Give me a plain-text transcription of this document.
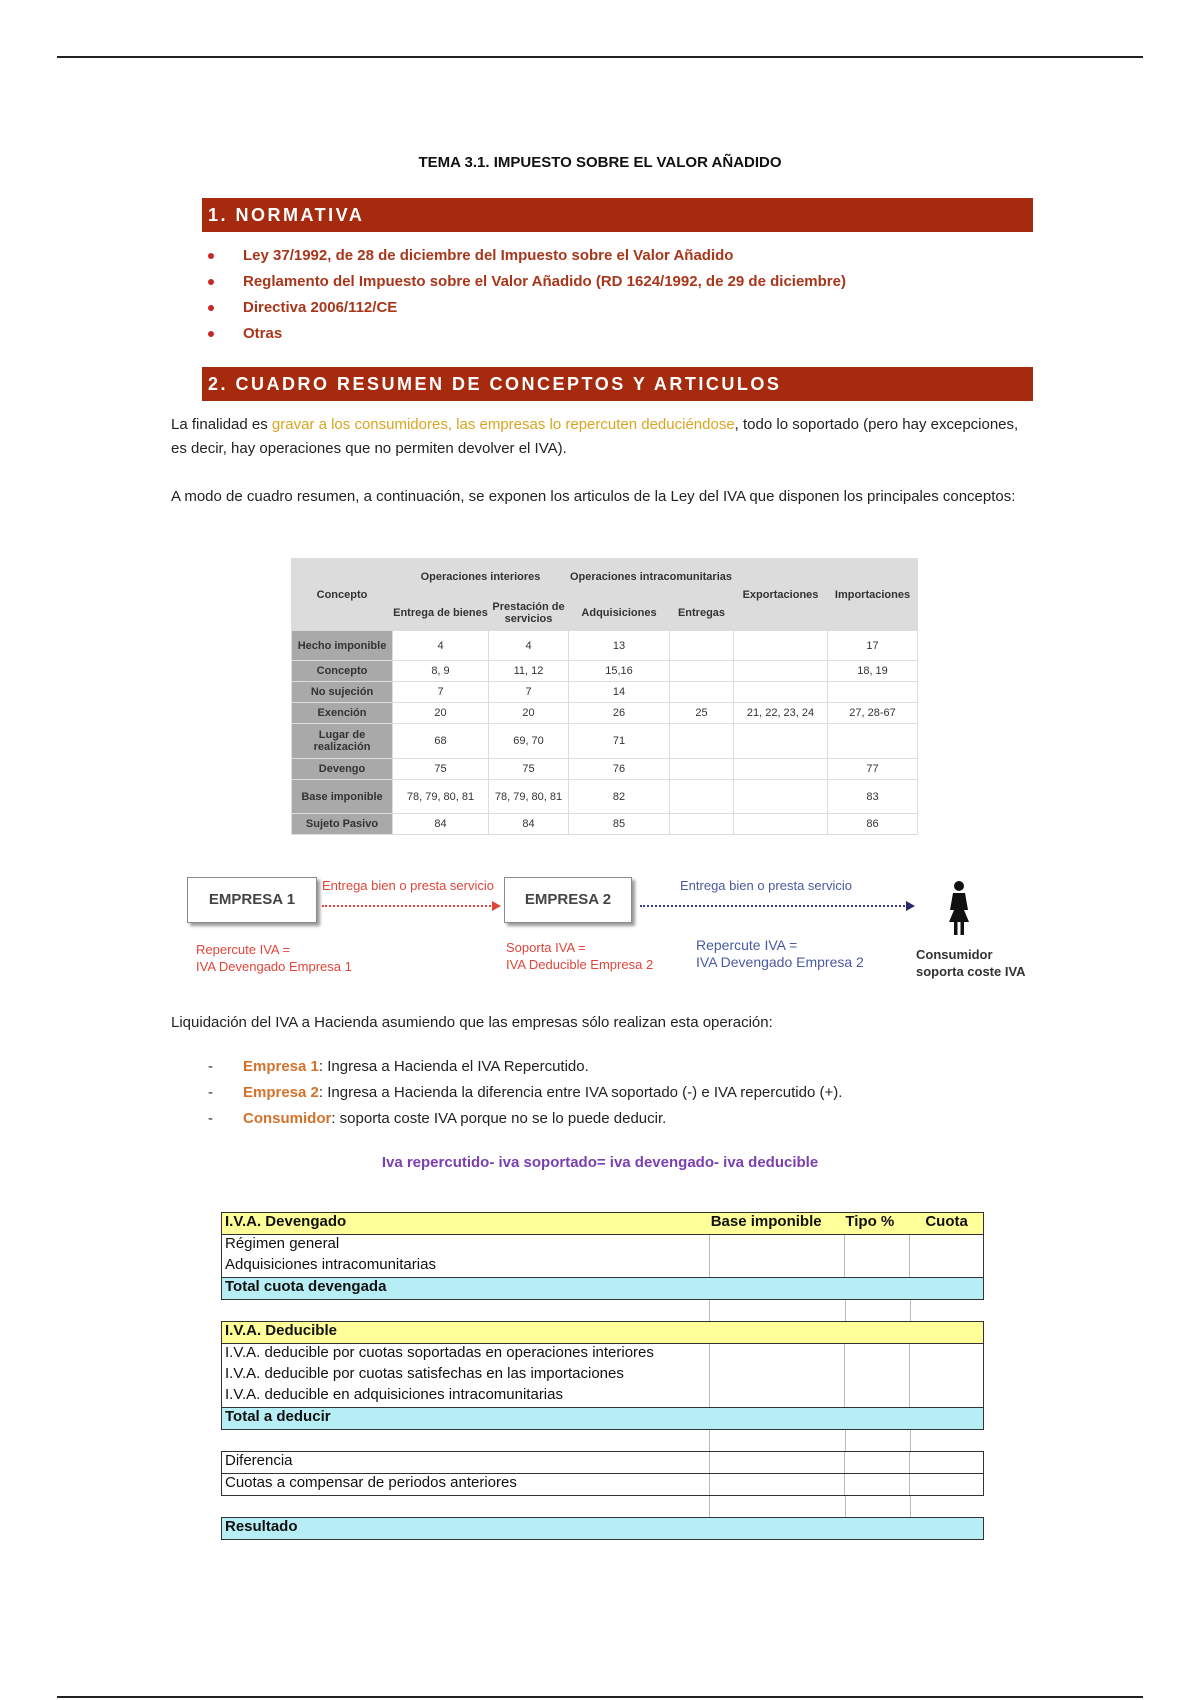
TEMA 3.1. IMPUESTO SOBRE EL VALOR AÑADIDO
1. NORMATIVA
Ley 37/1992, de 28 de diciembre del Impuesto sobre el Valor Añadido
Reglamento del Impuesto sobre el Valor Añadido (RD 1624/1992, de 29 de diciembre)
Directiva 2006/112/CE
Otras
2. CUADRO RESUMEN DE CONCEPTOS Y ARTICULOS
La finalidad es gravar a los consumidores, las empresas lo repercuten deduciéndose, todo lo soportado (pero hay excepciones, es decir, hay operaciones que no permiten devolver el IVA).
A modo de cuadro resumen, a continuación, se exponen los articulos de la Ley del IVA que disponen los principales conceptos:
Concepto	Operaciones interiores		Operaciones intracomunitarias		Exportaciones	Importaciones
	Entrega de bienes	Prestación de servicios	Adquisiciones	Entregas		
Hecho imponible	4	4	13			17
Concepto	8, 9	11, 12	15,16			18, 19
No sujeción	7	7	14			
Exención	20	20	26	25	21, 22, 23, 24	27, 28-67
Lugar de realización	68	69, 70	71			
Devengo	75	75	76			77
Base imponible	78, 79, 80, 81	78, 79, 80, 81	82			83
Sujeto Pasivo	84	84	85			86
EMPRESA 1	EMPRESA 2
Entrega bien o presta servicio	Entrega bien o presta servicio
Repercute IVA =
IVA Devengado Empresa 1
Soporta IVA =
IVA Deducible Empresa 2
Repercute IVA =
IVA Devengado Empresa 2	Consumidor
soporta coste IVA
Liquidación del IVA a Hacienda asumiendo que las empresas sólo realizan esta operación:
- Empresa 1: Ingresa a Hacienda el IVA Repercutido.
- Empresa 2: Ingresa a Hacienda la diferencia entre IVA soportado (-) e IVA repercutido (+).
- Consumidor: soporta coste IVA porque no se lo puede deducir.
Iva repercutido- iva soportado= iva devengado- iva deducible
I.V.A. Devengado	Base imponible	Tipo %	Cuota
Régimen general
Adquisiciones intracomunitarias
Total cuota devengada
I.V.A. Deducible
I.V.A. deducible por cuotas soportadas en operaciones interiores
I.V.A. deducible por cuotas satisfechas en las importaciones
I.V.A. deducible en adquisiciones intracomunitarias
Total a deducir
Diferencia
Cuotas a compensar de periodos anteriores
Resultado
